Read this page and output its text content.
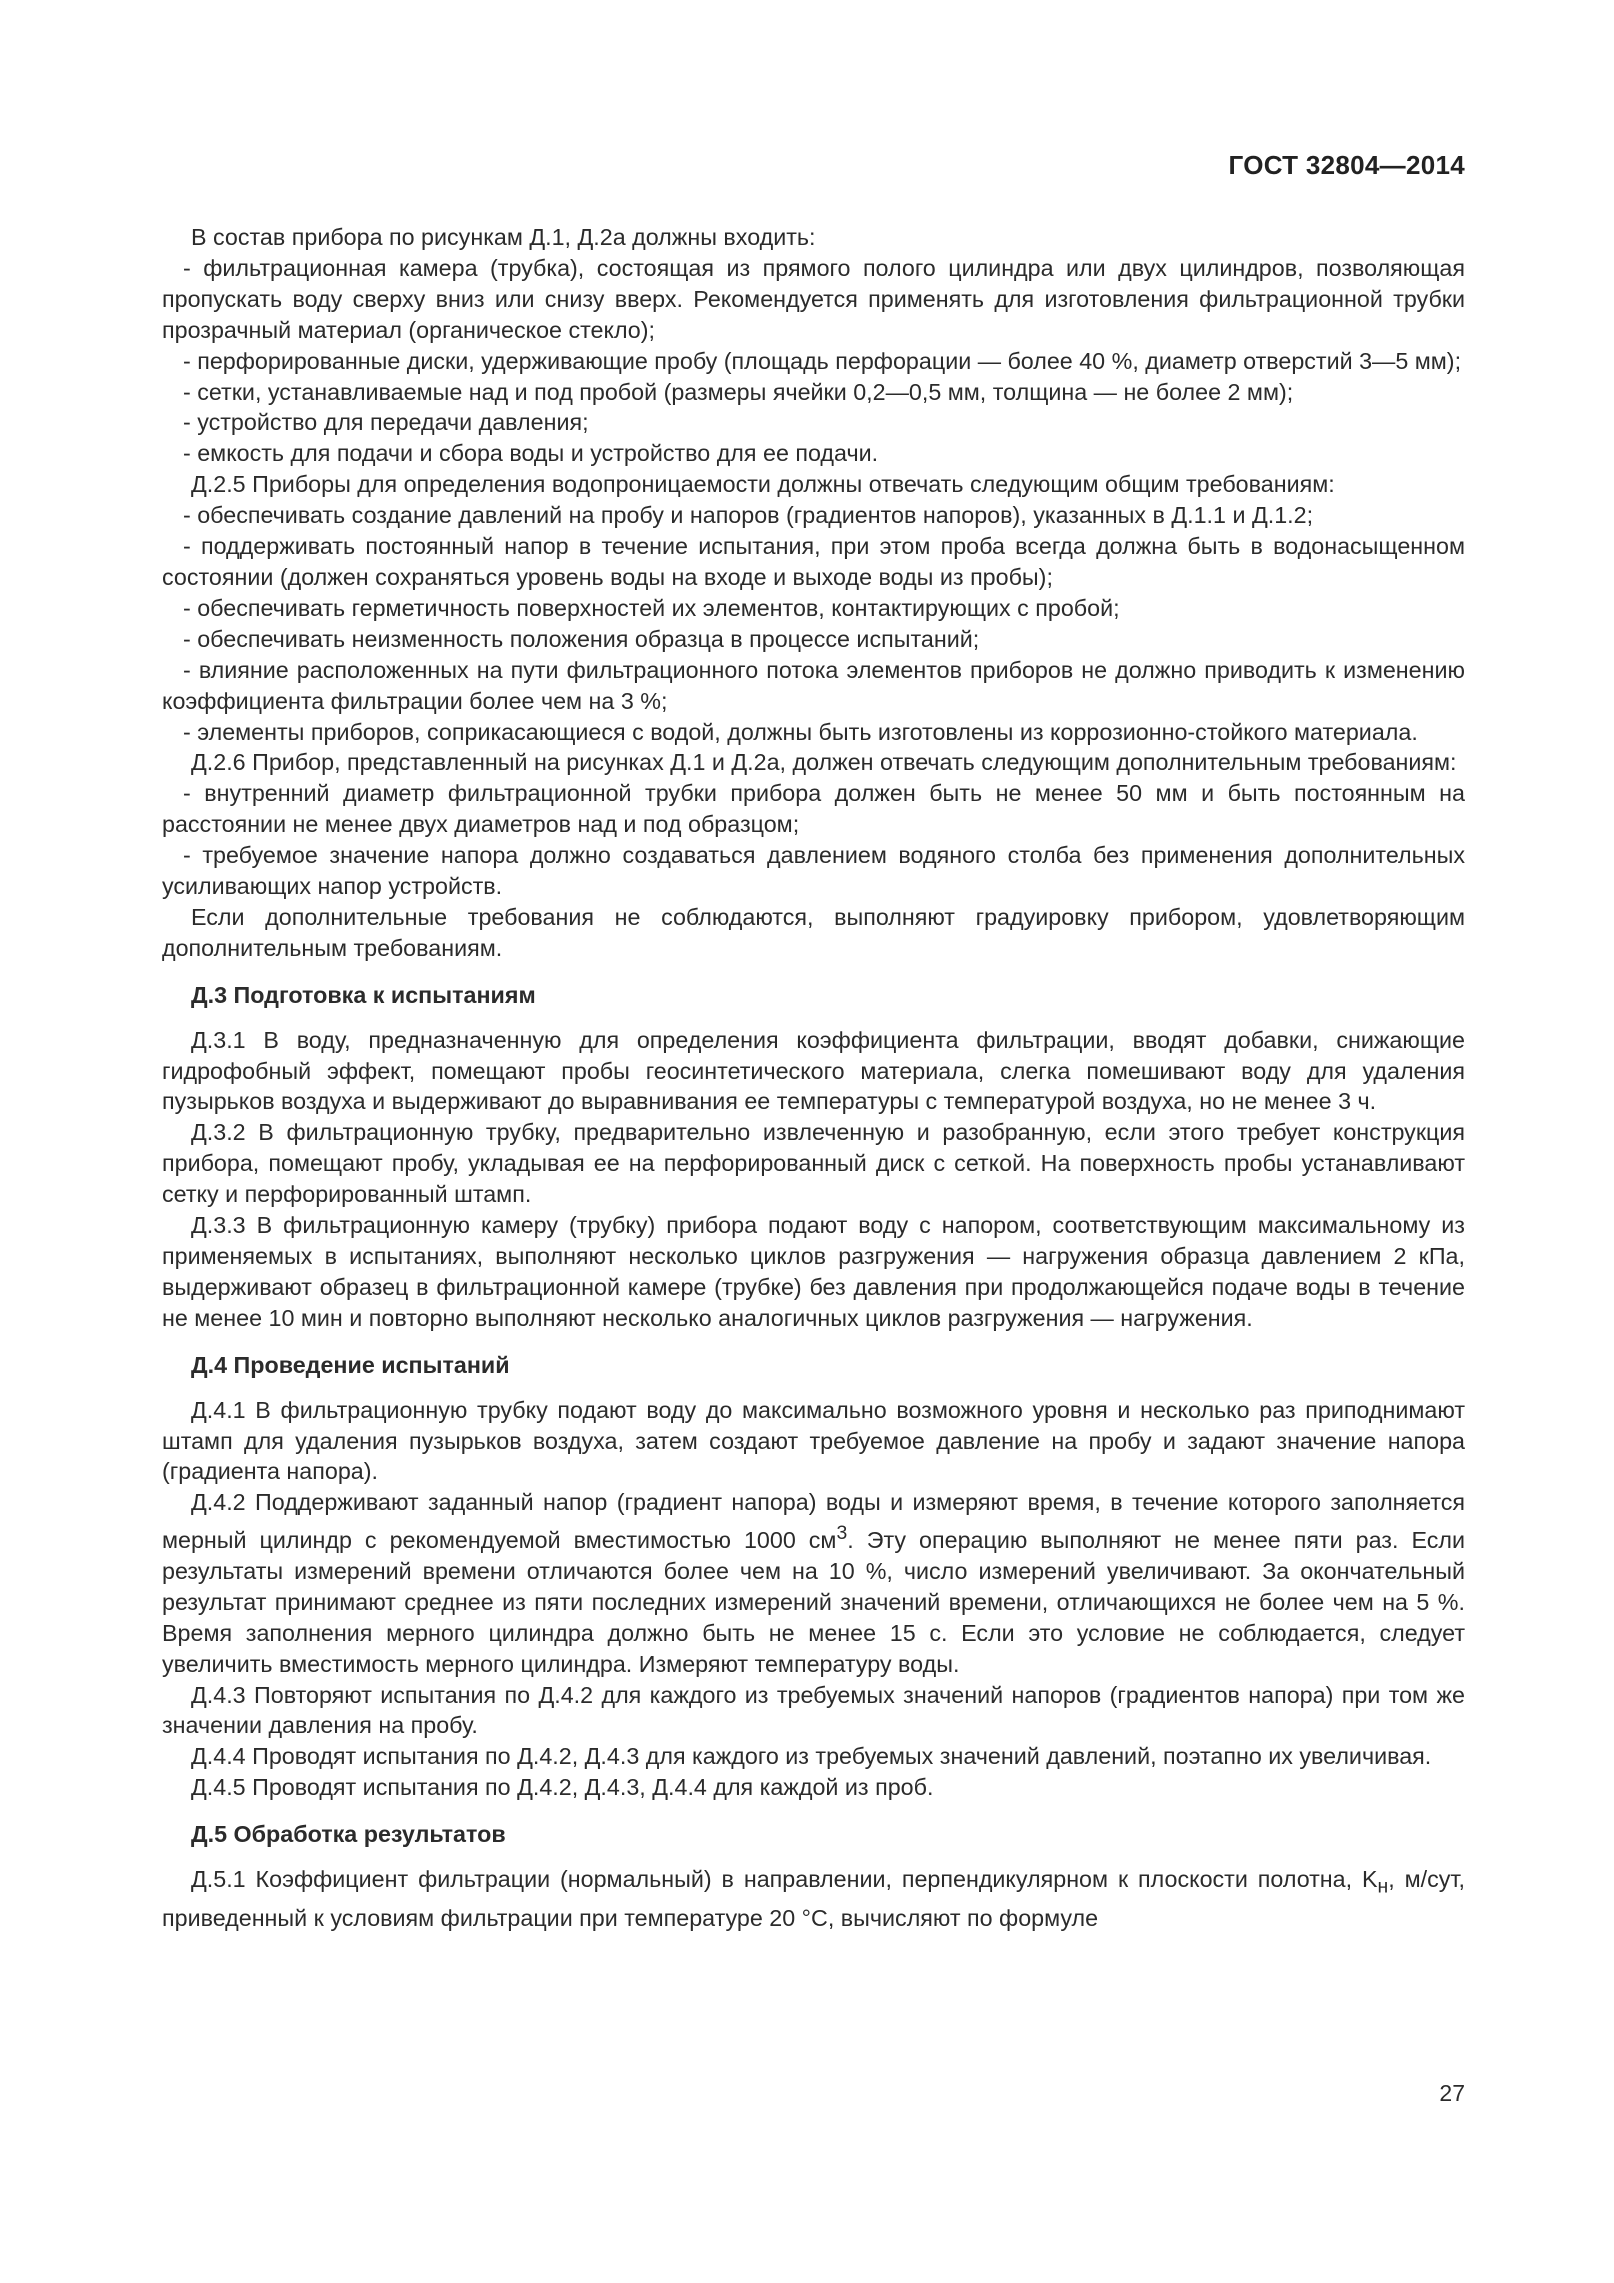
ГОСТ 32804—2014

В состав прибора по рисункам Д.1, Д.2а должны входить:

- фильтрационная камера (трубка), состоящая из прямого полого цилиндра или двух цилиндров, позволяющая пропускать воду сверху вниз или снизу вверх. Рекомендуется применять для изготовления фильтрационной трубки прозрачный материал (органическое стекло);

- перфорированные диски, удерживающие пробу (площадь перфорации — более 40 %, диаметр отверстий 3—5 мм);

- сетки, устанавливаемые над и под пробой (размеры ячейки 0,2—0,5 мм, толщина — не более 2 мм);

- устройство для передачи давления;

- емкость для подачи и сбора воды и устройство для ее подачи.

Д.2.5 Приборы для определения водопроницаемости должны отвечать следующим общим требованиям:

- обеспечивать создание давлений на пробу и напоров (градиентов напоров), указанных в Д.1.1 и Д.1.2;

- поддерживать постоянный напор в течение испытания, при этом проба всегда должна быть в водонасыщенном состоянии (должен сохраняться уровень воды на входе и выходе воды из пробы);

- обеспечивать герметичность поверхностей их элементов, контактирующих с пробой;

- обеспечивать неизменность положения образца в процессе испытаний;

- влияние расположенных на пути фильтрационного потока элементов приборов не должно приводить к изменению коэффициента фильтрации более чем на 3 %;

- элементы приборов, соприкасающиеся с водой, должны быть изготовлены из коррозионно-стойкого материала.

Д.2.6 Прибор, представленный на рисунках Д.1 и Д.2а, должен отвечать следующим дополнительным требованиям:

- внутренний диаметр фильтрационной трубки прибора должен быть не менее 50 мм и быть постоянным на расстоянии не менее двух диаметров над и под образцом;

- требуемое значение напора должно создаваться давлением водяного столба без применения дополнительных усиливающих напор устройств.

Если дополнительные требования не соблюдаются, выполняют градуировку прибором, удовлетворяющим дополнительным требованиям.

Д.3 Подготовка к испытаниям

Д.3.1 В воду, предназначенную для определения коэффициента фильтрации, вводят добавки, снижающие гидрофобный эффект, помещают пробы геосинтетического материала, слегка помешивают воду для удаления пузырьков воздуха и выдерживают до выравнивания ее температуры с температурой воздуха, но не менее 3 ч.

Д.3.2 В фильтрационную трубку, предварительно извлеченную и разобранную, если этого требует конструкция прибора, помещают пробу, укладывая ее на перфорированный диск с сеткой. На поверхность пробы устанавливают сетку и перфорированный штамп.

Д.3.3 В фильтрационную камеру (трубку) прибора подают воду с напором, соответствующим максимальному из применяемых в испытаниях, выполняют несколько циклов разгружения — нагружения образца давлением 2 кПа, выдерживают образец в фильтрационной камере (трубке) без давления при продолжающейся подаче воды в течение не менее 10 мин и повторно выполняют несколько аналогичных циклов разгружения — нагружения.

Д.4 Проведение испытаний

Д.4.1 В фильтрационную трубку подают воду до максимально возможного уровня и несколько раз приподнимают штамп для удаления пузырьков воздуха, затем создают требуемое давление на пробу и задают значение напора (градиента напора).

Д.4.2 Поддерживают заданный напор (градиент напора) воды и измеряют время, в течение которого заполняется мерный цилиндр с рекомендуемой вместимостью 1000 $см^3$. Эту операцию выполняют не менее пяти раз. Если результаты измерений времени отличаются более чем на 10 %, число измерений увеличивают. За окончательный результат принимают среднее из пяти последних измерений значений времени, отличающихся не более чем на 5 %. Время заполнения мерного цилиндра должно быть не менее 15 с. Если это условие не соблюдается, следует увеличить вместимость мерного цилиндра. Измеряют температуру воды.

Д.4.3 Повторяют испытания по Д.4.2 для каждого из требуемых значений напоров (градиентов напора) при том же значении давления на пробу.

Д.4.4 Проводят испытания по Д.4.2, Д.4.3 для каждого из требуемых значений давлений, поэтапно их увеличивая.

Д.4.5 Проводят испытания по Д.4.2, Д.4.3, Д.4.4 для каждой из проб.

Д.5 Обработка результатов

Д.5.1 Коэффициент фильтрации (нормальный) в направлении, перпендикулярном к плоскости полотна, $K_н$, м/сут, приведенный к условиям фильтрации при температуре 20 °С, вычисляют по формуле

27
